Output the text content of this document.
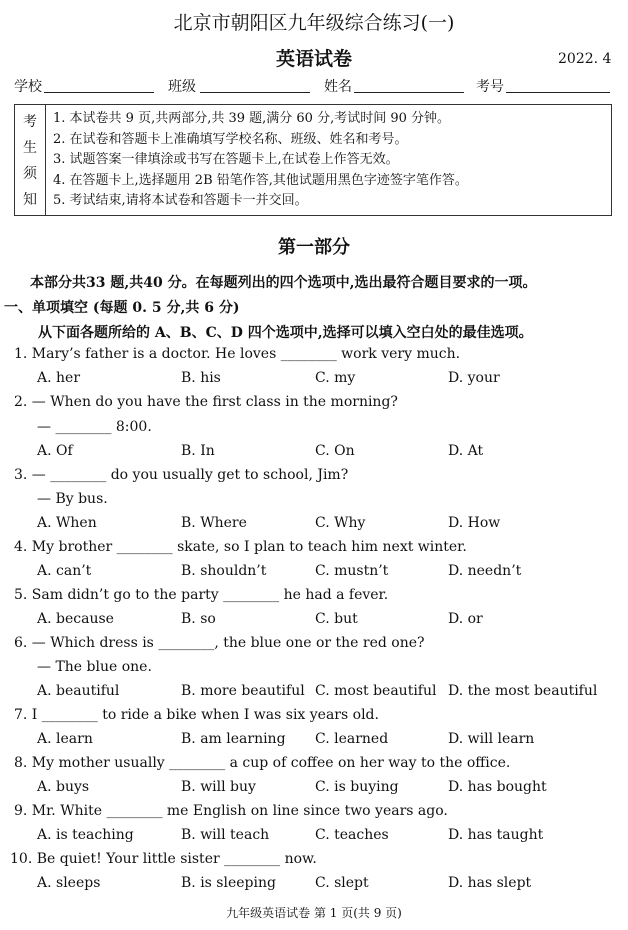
北京市朝阳区九年级综合练习(一)
英语试卷	2022. 4
学校	班级	姓名	考号
考
生
须
知
1. 本试卷共 9 页,共两部分,共 39 题,满分 60 分,考试时间 90 分钟。
2. 在试卷和答题卡上准确填写学校名称、班级、姓名和考号。
3. 试题答案一律填涂或书写在答题卡上,在试卷上作答无效。
4. 在答题卡上,选择题用 2B 铅笔作答,其他试题用黑色字迹签字笔作答。
5. 考试结束,请将本试卷和答题卡一并交回。
第一部分
本部分共33 题,共40 分。在每题列出的四个选项中,选出最符合题目要求的一项。
一、单项填空 (每题 0. 5 分,共 6 分)
从下面各题所给的 A、B、C、D 四个选项中,选择可以填入空白处的最佳选项。
1. Mary’s father is a doctor. He loves ________ work very much.
A. her	B. his	C. my	D. your
2. — When do you have the first class in the morning?
— ________ 8:00.
A. Of	B. In	C. On	D. At
3. — ________ do you usually get to school, Jim?
— By bus.
A. When	B. Where	C. Why	D. How
4. My brother ________ skate, so I plan to teach him next winter.
A. can’t	B. shouldn’t	C. mustn’t	D. needn’t
5. Sam didn’t go to the party ________ he had a fever.
A. because	B. so	C. but	D. or
6. — Which dress is ________, the blue one or the red one?
— The blue one.
A. beautiful	B. more beautiful C. most beautiful D. the most beautiful
7. I ________ to ride a bike when I was six years old.
A. learn	B. am learning C. learned	D. will learn
8. My mother usually ________ a cup of coffee on her way to the office.
A. buys	B. will buy	C. is buying	D. has bought
9. Mr. White ________ me English on line since two years ago.
A. is teaching	B. will teach	C. teaches	D. has taught
10. Be quiet! Your little sister ________ now.
A. sleeps	B. is sleeping	C. slept	D. has slept
九年级英语试卷 第 1 页(共 9 页)
